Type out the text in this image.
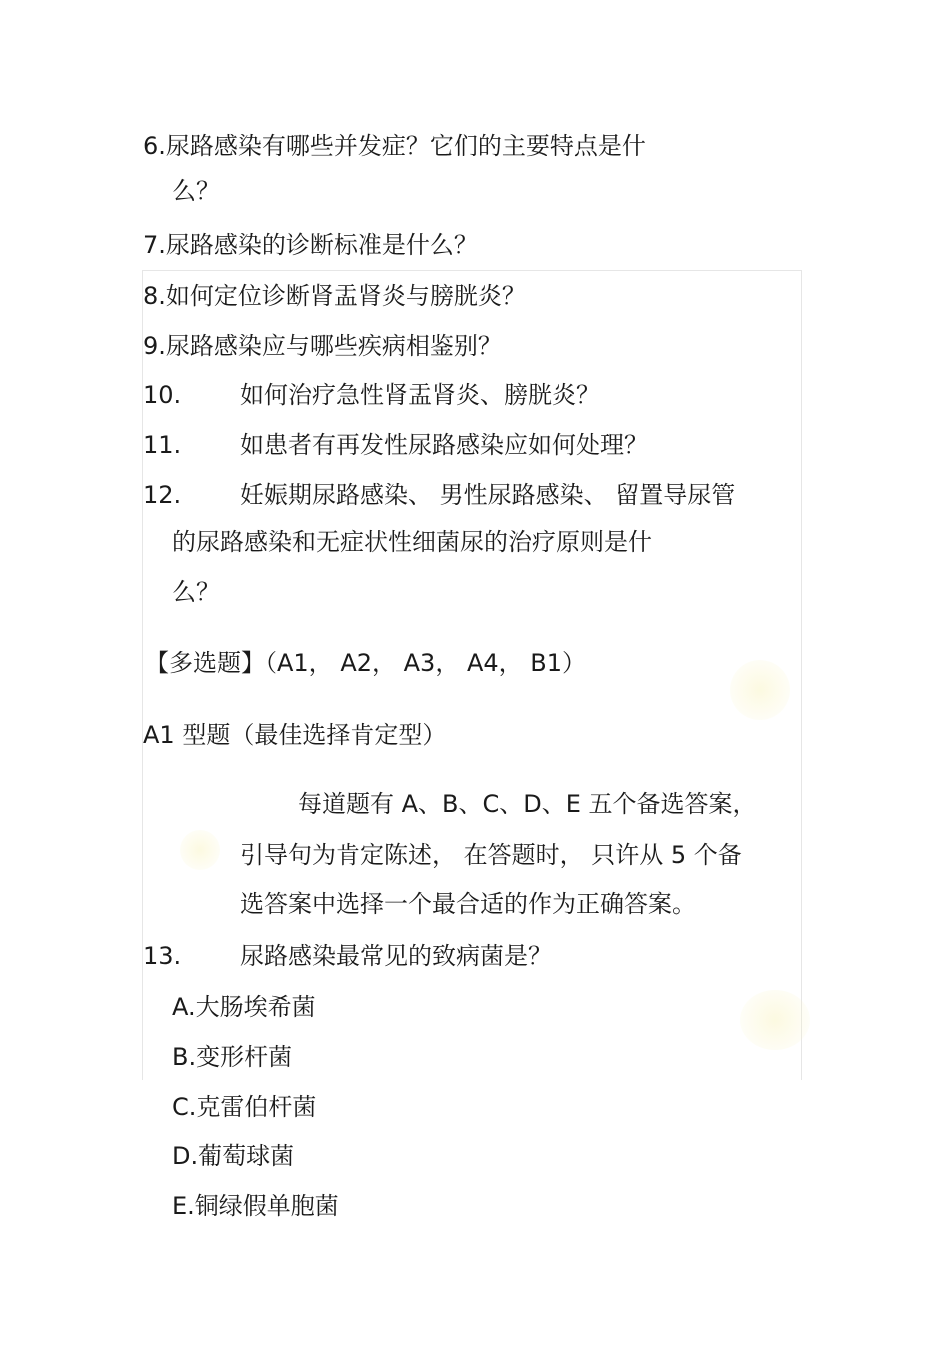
6.尿路感染有哪些并发症？它们的主要特点是什
么？
7.尿路感染的诊断标准是什么？
8.如何定位诊断肾盂肾炎与膀胱炎？
9.尿路感染应与哪些疾病相鉴别？
10. 如何治疗急性肾盂肾炎、膀胱炎？
11. 如患者有再发性尿路感染应如何处理？
12. 妊娠期尿路感染、 男性尿路感染、 留置导尿管
的尿路感染和无症状性细菌尿的治疗原则是什
么？
【多选题】（A1， A2， A3， A4， B1）
A1 型题（最佳选择肯定型）
每道题有 A、B、C、D、E 五个备选答案，
引导句为肯定陈述， 在答题时， 只许从 5 个备
选答案中选择一个最合适的作为正确答案。
13. 尿路感染最常见的致病菌是？
A.大肠埃希菌
B.变形杆菌
C.克雷伯杆菌
D.葡萄球菌
E.铜绿假单胞菌
